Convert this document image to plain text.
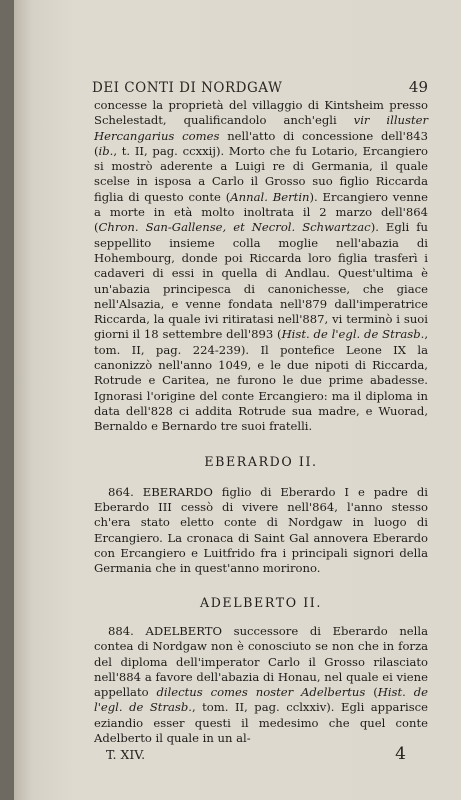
DEI CONTI DI NORDGAW	49

concesse la proprietà del villaggio di Kintsheim presso Schelestadt, qualificandolo anch'egli vir illuster Hercangarius comes nell'atto di concessione dell'843 (ib., t. II, pag. ccxxij). Morto che fu Lotario, Ercangiero si mostrò aderente a Luigi re di Germania, il quale scelse in isposa a Carlo il Grosso suo figlio Riccarda figlia di questo conte (Annal. Bertin). Ercangiero venne a morte in età molto inoltrata il 2 marzo dell'864 (Chron. San-Gallense, et Necrol. Schwartzac). Egli fu seppellito insieme colla moglie nell'abazia di Hohembourg, donde poi Riccarda loro figlia trasferì i cadaveri di essi in quella di Andlau. Quest'ultima è un'abazia principesca di canonichesse, che giace nell'Alsazia, e venne fondata nell'879 dall'imperatrice Riccarda, la quale ivi ritiratasi nell'887, vi terminò i suoi giorni il 18 settembre dell'893 (Hist. de l'egl. de Strasb., tom. II, pag. 224-239). Il pontefice Leone IX la canonizzò nell'anno 1049, e le due nipoti di Riccarda, Rotrude e Caritea, ne furono le due prime abadesse. Ignorasi l'origine del conte Ercangiero: ma il diploma in data dell'828 ci addita Rotrude sua madre, e Wuorad, Bernaldo e Bernardo tre suoi fratelli.

EBERARDO II.

864. EBERARDO figlio di Eberardo I e padre di Eberardo III cessò di vivere nell'864, l'anno stesso ch'era stato eletto conte di Nordgaw in luogo di Ercangiero. La cronaca di Saint Gal annovera Eberardo con Ercangiero e Luitfrido fra i principali signori della Germania che in quest'anno morirono.

ADELBERTO II.

884. ADELBERTO successore di Eberardo nella contea di Nordgaw non è conosciuto se non che in forza del diploma dell'imperator Carlo il Grosso rilasciato nell'884 a favore dell'abazia di Honau, nel quale ei viene appellato dilectus comes noster Adelbertus (Hist. de l'egl. de Strasb., tom. II, pag. cclxxiv). Egli apparisce eziandio esser questi il medesimo che quel conte Adelberto il quale in un al-

T. XIV.	4
